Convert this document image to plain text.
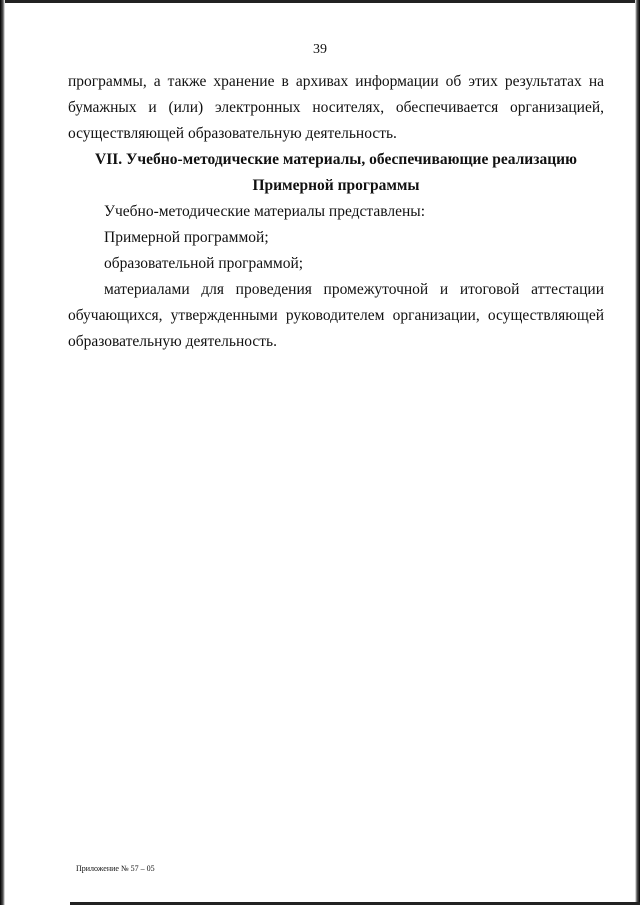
39
программы, а также хранение в архивах информации об этих результатах на
бумажных и (или) электронных носителях, обеспечивается организацией,
осуществляющей образовательную деятельность.
VII. Учебно-методические материалы, обеспечивающие реализацию
Примерной программы
Учебно-методические материалы представлены:
Примерной программой;
образовательной программой;
материалами для проведения промежуточной и итоговой аттестации
обучающихся, утвержденными руководителем организации, осуществляющей
образовательную деятельность.
Приложение № 57 – 05
